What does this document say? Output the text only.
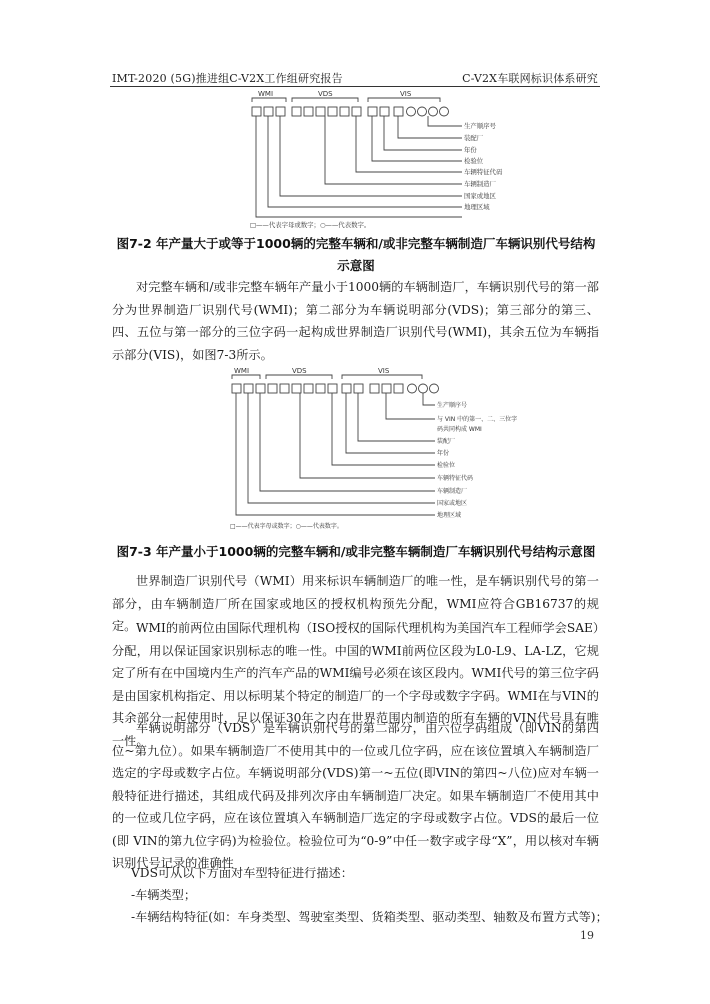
IMT-2020 (5G)推进组C-V2X工作组研究报告	C-V2X车联网标识体系研究
WMI	VDS	VIS
生产顺序号
装配厂
年份
检验位
车辆特征代码
车辆制造厂
国家或地区
地理区域
□——代表字母或数字；○——代表数字。
图7-2 年产量大于或等于1000辆的完整车辆和/或非完整车辆制造厂车辆识别代号结构
示意图

对完整车辆和/或非完整车辆年产量小于1000辆的车辆制造厂，车辆识别代号的第一部分为世界制造厂识别代号(WMI)；第二部分为车辆说明部分(VDS)；第三部分的第三、四、五位与第一部分的三位字码一起构成世界制造厂识别代号(WMI)，其余五位为车辆指示部分(VIS)，如图7-3所示。

WMI	VDS	VIS
生产顺序号
与 VIN 中的第一、二、三位字
码共同构成 WMI
装配厂
年份
检验位
车辆特征代码
车辆制造厂
国家或地区
地理区域
□——代表字母或数字；○——代表数字。
图7-3 年产量小于1000辆的完整车辆和/或非完整车辆制造厂车辆识别代号结构示意图

世界制造厂识别代号（WMI）用来标识车辆制造厂的唯一性，是车辆识别代号的第一部分，由车辆制造厂所在国家或地区的授权机构预先分配，WMI应符合GB16737的规定。 WMI的前两位由国际代理机构（ISO授权的国际代理机构为美国汽车工程师学会SAE）分配，用以保证国家识别标志的唯一性。中国的WMI前两位区段为L0-L9、LA-LZ，它规定了所有在中国境内生产的汽车产品的WMI编号必须在该区段内。WMI代号的第三位字码是由国家机构指定、用以标明某个特定的制造厂的一个字母或数字字码。WMI在与VIN的其余部分一起使用时，足以保证30年之内在世界范围内制造的所有车辆的VIN代号具有唯一性。

车辆说明部分（VDS）是车辆识别代号的第二部分，由六位字码组成（即VIN的第四位~第九位）。如果车辆制造厂不使用其中的一位或几位字码，应在该位置填入车辆制造厂选定的字母或数字占位。车辆说明部分(VDS)第一~五位(即VIN的第四~八位)应对车辆一般特征进行描述，其组成代码及排列次序由车辆制造厂决定。如果车辆制造厂不使用其中的一位或几位字码，应在该位置填入车辆制造厂选定的字母或数字占位。VDS的最后一位(即 VIN的第九位字码)为检验位。检验位可为“0-9”中任一数字或字母“X”，用以核对车辆识别代号记录的准确性

VDS可从以下方面对车型特征进行描述：
-车辆类型；
-车辆结构特征(如：车身类型、驾驶室类型、货箱类型、驱动类型、轴数及布置方式等)；
19
